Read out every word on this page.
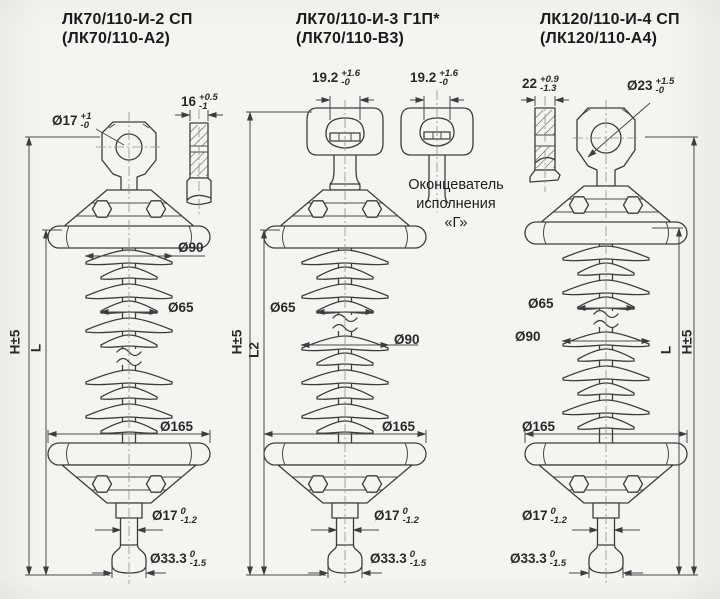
ЛК70/110-И-2 СП
(ЛК70/110-А2)
ЛК70/110-И-3 Г1П*
(ЛК70/110-В3)
ЛК120/110-И-4 СП
(ЛК120/110-А4)
Ø17 +1
-0
16 +0.5
-1
Ø90
Ø65
Ø165
Ø17 0
-1.2
Ø33.3 0
-1.5
H±5 L
19.2 +1.6
-0	19.2 +1.6
-0
Оконцеватель
исполнения
«Г»
Ø65
Ø90
Ø165
Ø17 0
-1.2
Ø33.3 0
-1.5
H±5 L2
22 +0.9
-1.3	Ø23 +1.5
-0
Ø65
Ø90
Ø165
Ø17 0
-1.2
Ø33.3 0
-1.5
L H±5
